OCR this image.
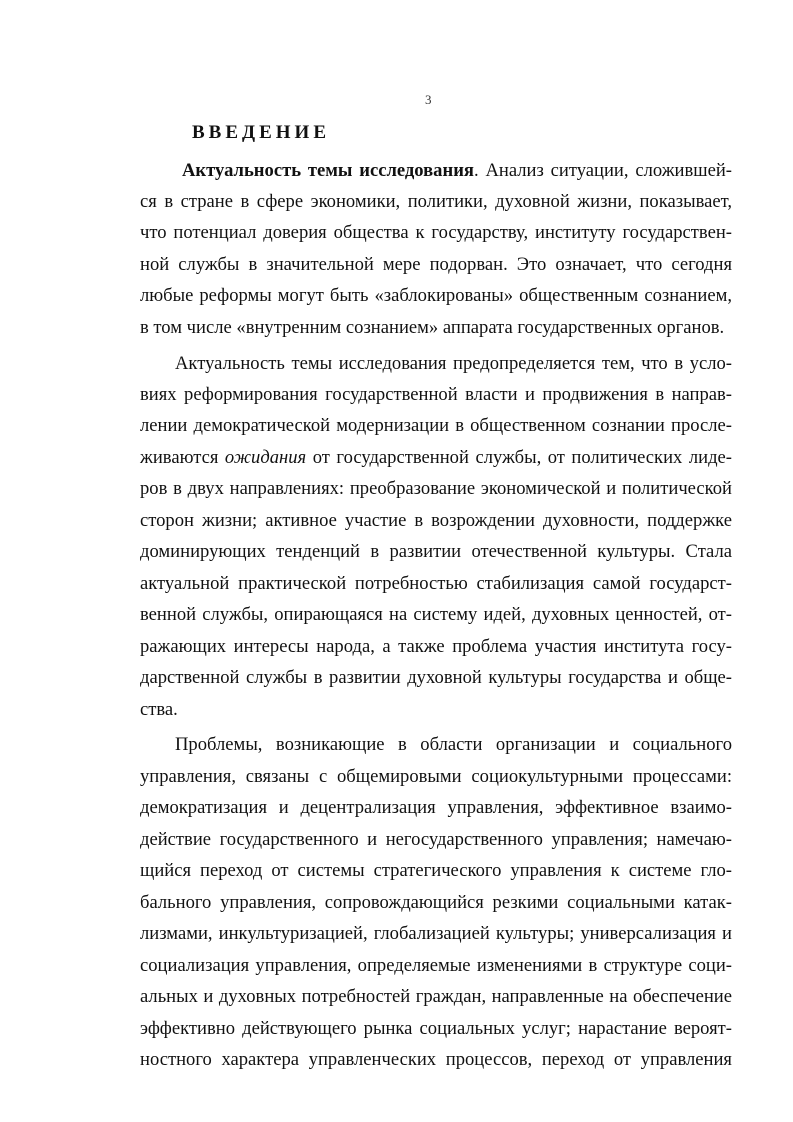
3
ВВЕДЕНИЕ
Актуальность темы исследования. Анализ ситуации, сложившей-
ся в стране в сфере экономики, политики, духовной жизни, показывает,
что потенциал доверия общества к государству, институту государствен-
ной службы в значительной мере подорван. Это означает, что сегодня
любые реформы могут быть «заблокированы» общественным сознанием,
в том числе «внутренним сознанием» аппарата государственных органов.
Актуальность темы исследования предопределяется тем, что в усло-
виях реформирования государственной власти и продвижения в направ-
лении демократической модернизации в общественном сознании просле-
живаются ожидания от государственной службы, от политических лиде-
ров в двух направлениях: преобразование экономической и политической
сторон жизни; активное участие в возрождении духовности, поддержке
доминирующих тенденций в развитии отечественной культуры. Стала
актуальной практической потребностью стабилизация самой государст-
венной службы, опирающаяся на систему идей, духовных ценностей, от-
ражающих интересы народа, а также проблема участия института госу-
дарственной службы в развитии духовной культуры государства и обще-
ства.
Проблемы, возникающие в области организации и социального
управления, связаны с общемировыми социокультурными процессами:
демократизация и децентрализация управления, эффективное взаимо-
действие государственного и негосударственного управления; намечаю-
щийся переход от системы стратегического управления к системе гло-
бального управления, сопровождающийся резкими социальными катак-
лизмами, инкультуризацией, глобализацией культуры; универсализация и
социализация управления, определяемые изменениями в структуре соци-
альных и духовных потребностей граждан, направленные на обеспечение
эффективно действующего рынка социальных услуг; нарастание вероят-
ностного характера управленческих процессов, переход от управления
